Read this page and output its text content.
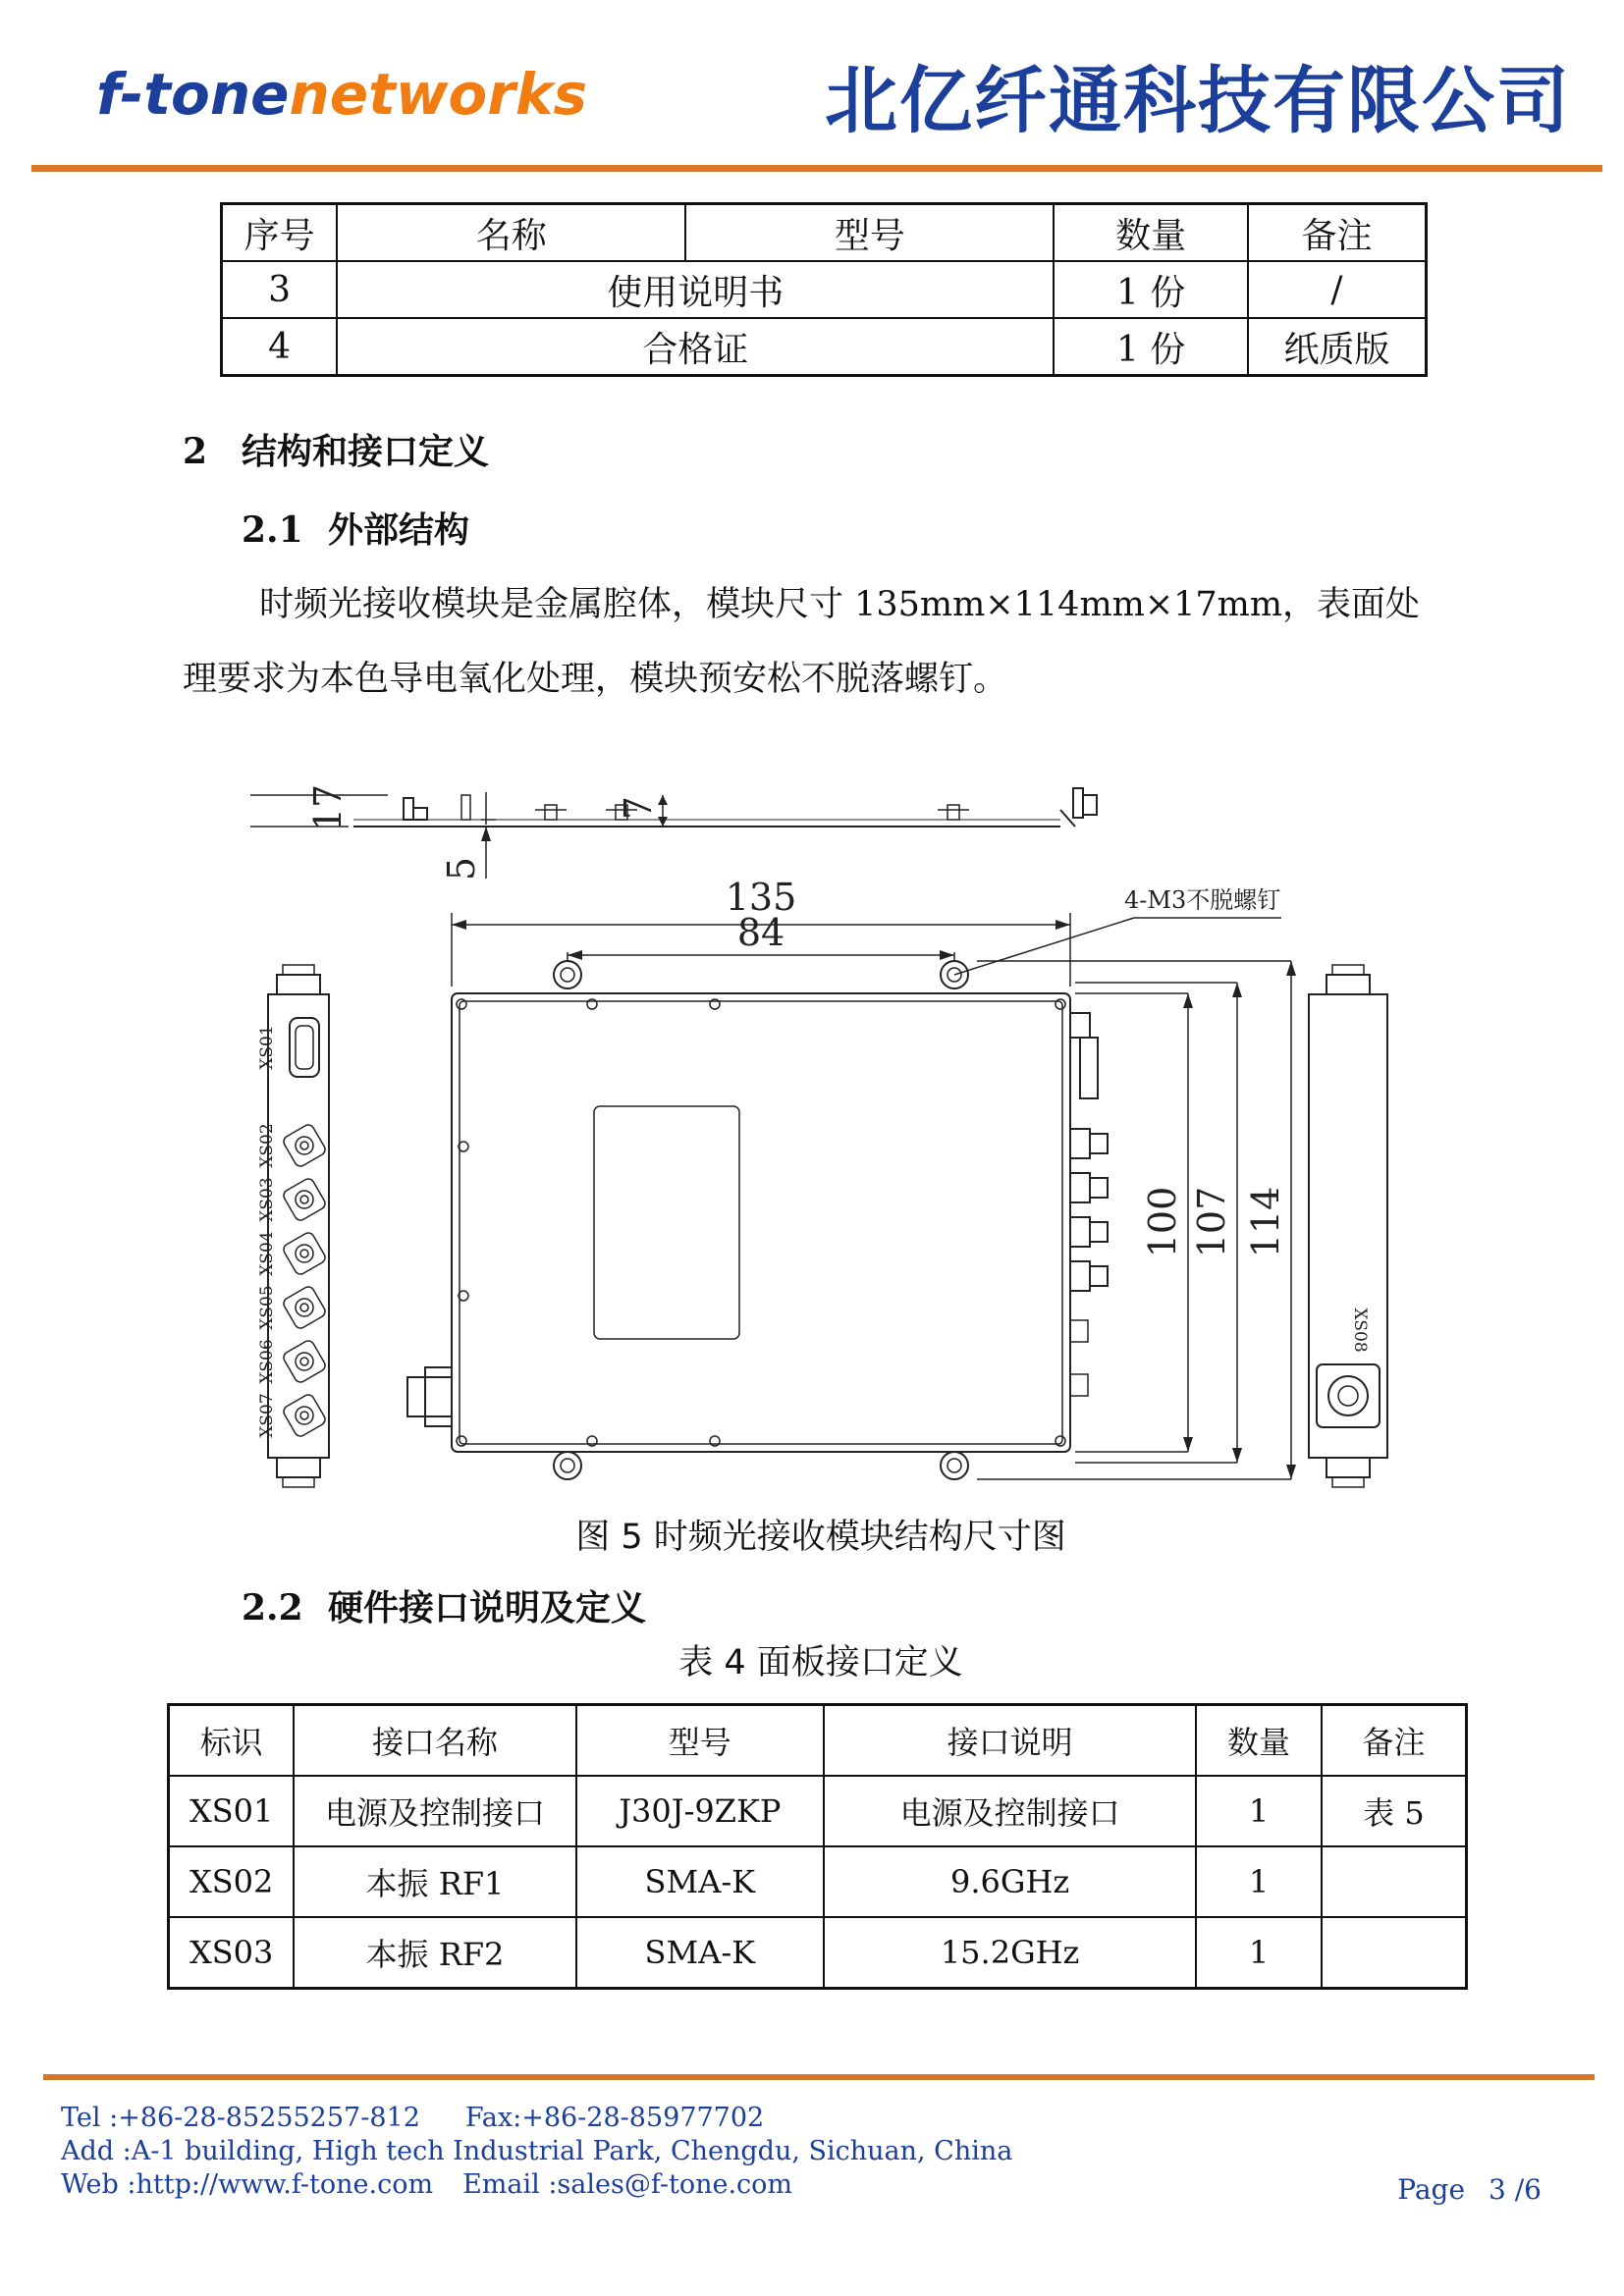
f-tonenetworks	北亿纤通科技有限公司
序号	名称	型号	数量	备注
3	使用说明书		1 份	/
4	合格证		1 份	纸质版
2 结构和接口定义
2.1 外部结构
时频光接收模块是金属腔体，模块尺寸 135mm×114mm×17mm，表面处
理要求为本色导电氧化处理，模块预安松不脱落螺钉。
17	7
5
135
84
100 107 114
4-M3不脱螺钉
XS01
XS02
XS03
XS04
XS05
XS06
XS07
XS08
图 5 时频光接收模块结构尺寸图
2.2 硬件接口说明及定义
表 4 面板接口定义
标识	接口名称	型号	接口说明	数量	备注
XS01	电源及控制接口	J30J-9ZKP	电源及控制接口	1	表 5
XS02	本振 RF1	SMA-K	9.6GHz	1	
XS03	本振 RF2	SMA-K	15.2GHz	1	
Tel :+86-28-85255257-812 Fax:+86-28-85977702
Add :A-1 building, High tech Industrial Park, Chengdu, Sichuan, China
Web :http://www.f-tone.com Email :sales@f-tone.com	Page 3 /6
